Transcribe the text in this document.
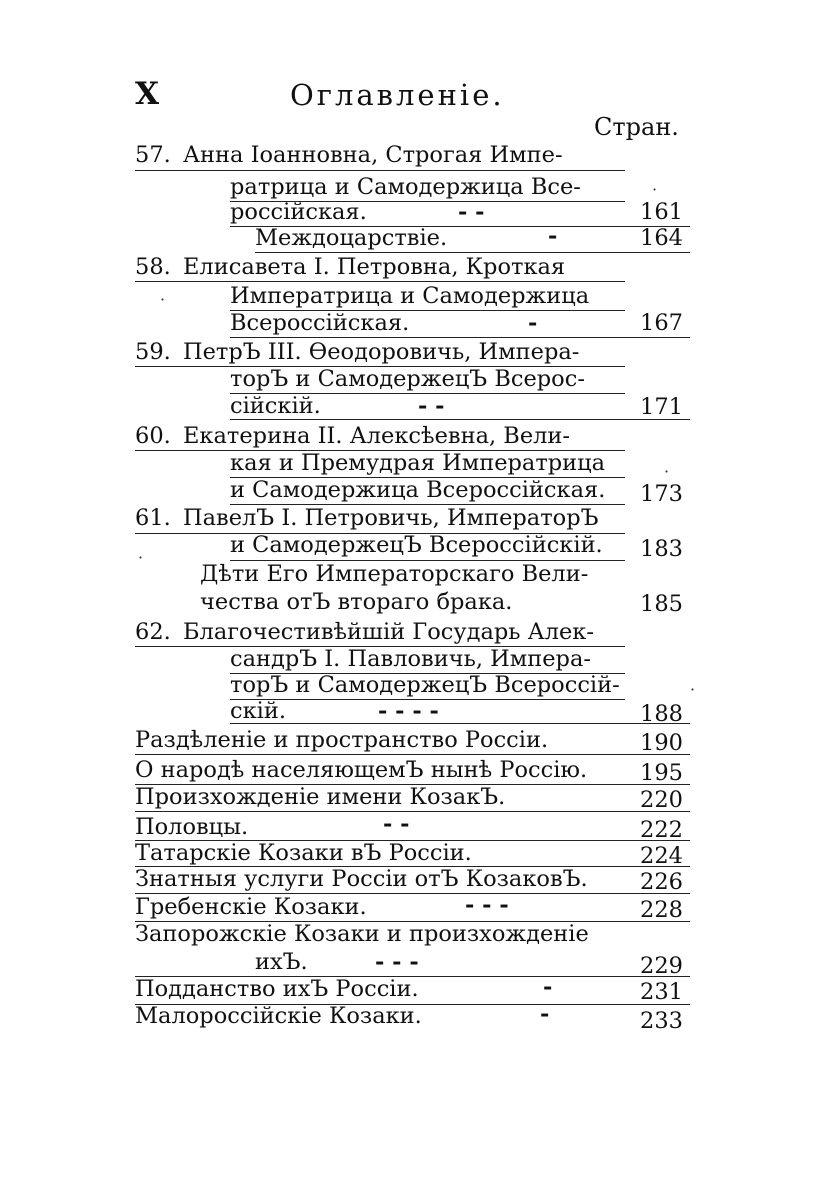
X	Оглавленiе.
Стран.
57. Анна Iоанновна, Строгая Импе-
ратрица и Самодержица Все-
россiйская.	- -	161
Междоцарствiе.	-	164
58. Елисавета I. Петровна, Кроткая
Императрица и Самодержица
Всероссiйская.	-	167
59. ПетрЪ III. Ѳеодоровичь, Импера-
торЪ и СамодержецЪ Всерос-
сiйскiй.	- -	171
60. Екатерина II. Алексѣевна, Вели-
кая и Премудрая Императрица
и Самодержица Всероссiйская. 173
61. ПавелЪ I. Петровичь, ИмператорЪ
и СамодержецЪ Всероссiйскiй. 183
Дѣти Его Императорскаго Вели-
чества отЪ втораго брака.	185
62. Благочестивѣйшiй Государь Алек-
сандрЪ I. Павловичь, Импера-
торЪ и СамодержецЪ Всероссiй-
скiй.	- - - -	188
Раздѣленiе и пространство Россiи.	190
О народѣ населяющемЪ нынѣ Россiю. 195
Произхожденiе имени КозакЪ.	220
Половцы.	- -	222
Татарскiе Козаки вЪ Россiи.	224
Знатныя услуги Россiи отЪ КозаковЪ. 226
Гребенскiе Козаки.	- - -	228
Запорожскiе Козаки и произхожденiе
ихЪ.	- - -	229
Подданство ихЪ Россiи.	-	231
Малороссiйскiе Козаки.	-	233
·
·
·
·
·
